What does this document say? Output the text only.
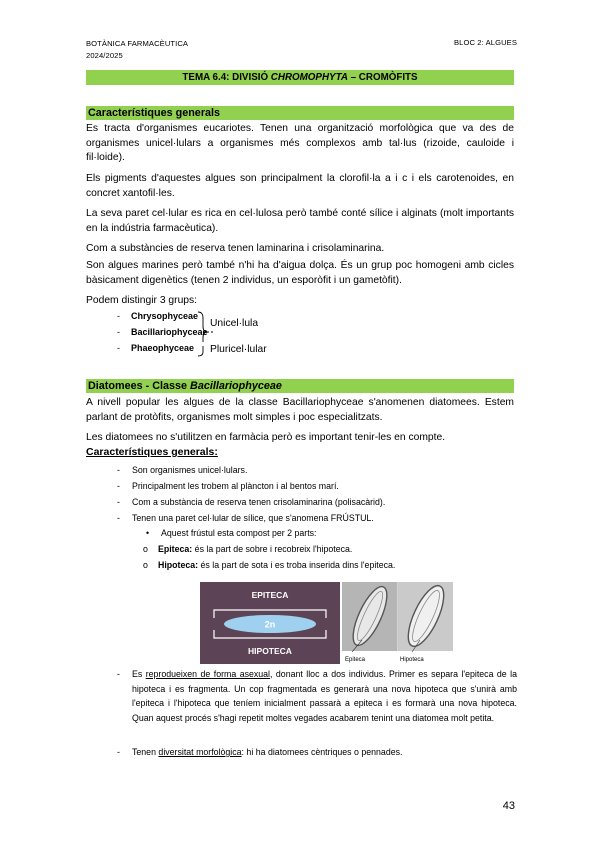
BOTÀNICA FARMACÈUTICA
2024/2025
BLOC 2: ALGUES
TEMA 6.4: DIVISIÓ CHROMOPHYTA – CROMÒFITS
Característiques generals
Es tracta d'organismes eucariotes. Tenen una organització morfològica que va des de organismes unicel·lulars a organismes més complexos amb tal·lus (rizoide, cauloide i fil·loide).
Els pigments d'aquestes algues son principalment la clorofil·la a i c i els carotenoides, en concret xantofil·les.
La seva paret cel·lular es rica en cel·lulosa però també conté sílice i alginats (molt importants en la indústria farmacèutica).
Com a substàncies de reserva tenen laminarina i crisolaminarina.
Son algues marines però també n'hi ha d'aigua dolça. És un grup poc homogeni amb cicles bàsicament digenètics (tenen 2 individus, un esporòfit i un gametòfit).
Podem distingir 3 grups:
- Chrysophyceae
- Bacillariophyceae
- Phaeophyceae
Unicel·lula
Pluricel·lular
Diatomees - Classe Bacillariophyceae
A nivell popular les algues de la classe Bacillariophyceae s'anomenen diatomees. Estem parlant de protòfits, organismes molt simples i poc especialitzats.
Les diatomees no s'utilitzen en farmàcia però es important tenir-les en compte.
Característiques generals:
- Son organismes unicel·lulars.
- Principalment les trobem al plàncton i al bentos marí.
- Com a substància de reserva tenen crisolaminarina (polisacàrid).
- Tenen una paret cel·lular de sílice, que s'anomena FRÚSTUL.
• Aquest frústul esta compost per 2 parts:
o Epiteca: és la part de sobre i recobreix l'hipoteca.
o Hipoteca: és la part de sota i es troba inserida dins l'epiteca.
EPITECA
2n
HIPOTECA
Epiteca	Hipoteca
- Es reprodueixen de forma asexual, donant lloc a dos individus. Primer es separa l'epiteca de la hipoteca i es fragmenta. Un cop fragmentada es generarà una nova hipoteca que s'unirà amb l'epiteca i l'hipoteca que teníem inicialment passarà a epiteca i es formarà una nova hipoteca. Quan aquest procés s'hagi repetit moltes vegades acabarem tenint una diatomea molt petita.
- Tenen diversitat morfològica: hi ha diatomees cèntriques o pennades.
43
